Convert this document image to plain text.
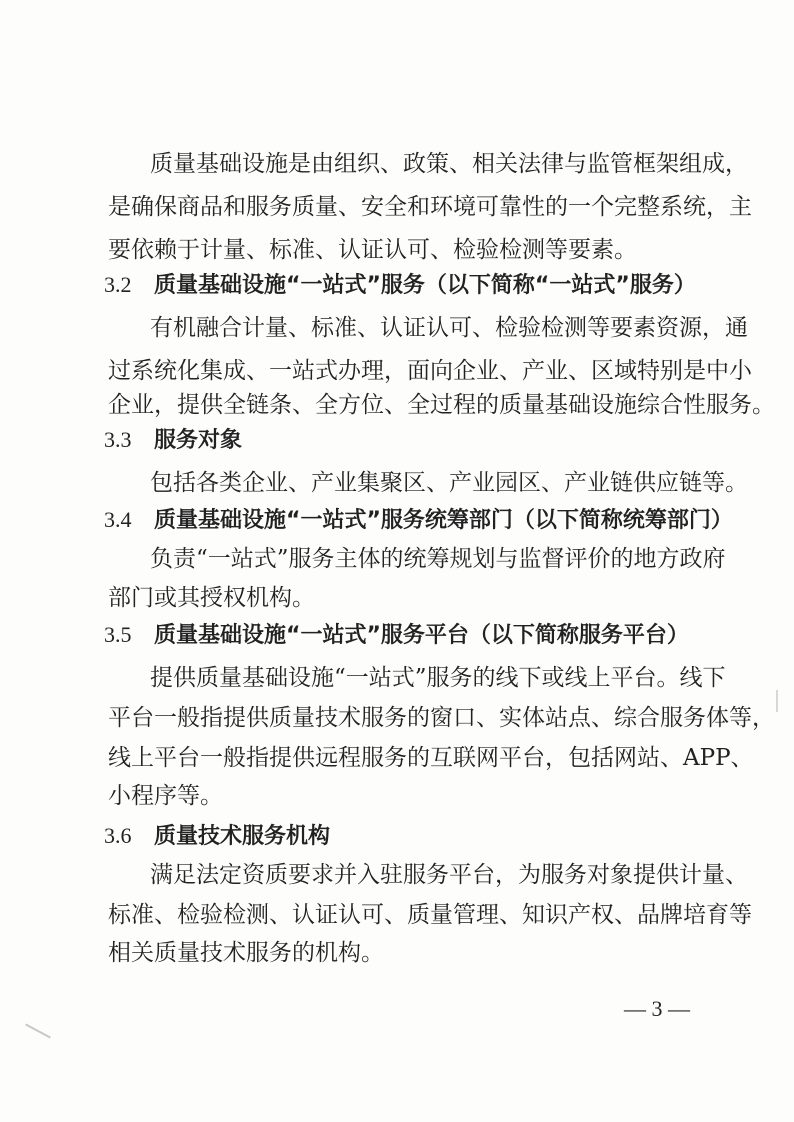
质量基础设施是由组织、政策、相关法律与监管框架组成，
是确保商品和服务质量、安全和环境可靠性的一个完整系统，主
要依赖于计量、标准、认证认可、检验检测等要素。
3.2 质量基础设施“一站式”服务（以下简称“一站式”服务）
有机融合计量、标准、认证认可、检验检测等要素资源，通
过系统化集成、一站式办理，面向企业、产业、区域特别是中小
企业，提供全链条、全方位、全过程的质量基础设施综合性服务。
3.3 服务对象
包括各类企业、产业集聚区、产业园区、产业链供应链等。
3.4 质量基础设施“一站式”服务统筹部门（以下简称统筹部门）
负责“一站式”服务主体的统筹规划与监督评价的地方政府
部门或其授权机构。
3.5 质量基础设施“一站式”服务平台（以下简称服务平台）
提供质量基础设施“一站式”服务的线下或线上平台。线下
平台一般指提供质量技术服务的窗口、实体站点、综合服务体等，
线上平台一般指提供远程服务的互联网平台，包括网站、APP、
小程序等。
3.6 质量技术服务机构
满足法定资质要求并入驻服务平台，为服务对象提供计量、
标准、检验检测、认证认可、质量管理、知识产权、品牌培育等
相关质量技术服务的机构。
— 3 —
